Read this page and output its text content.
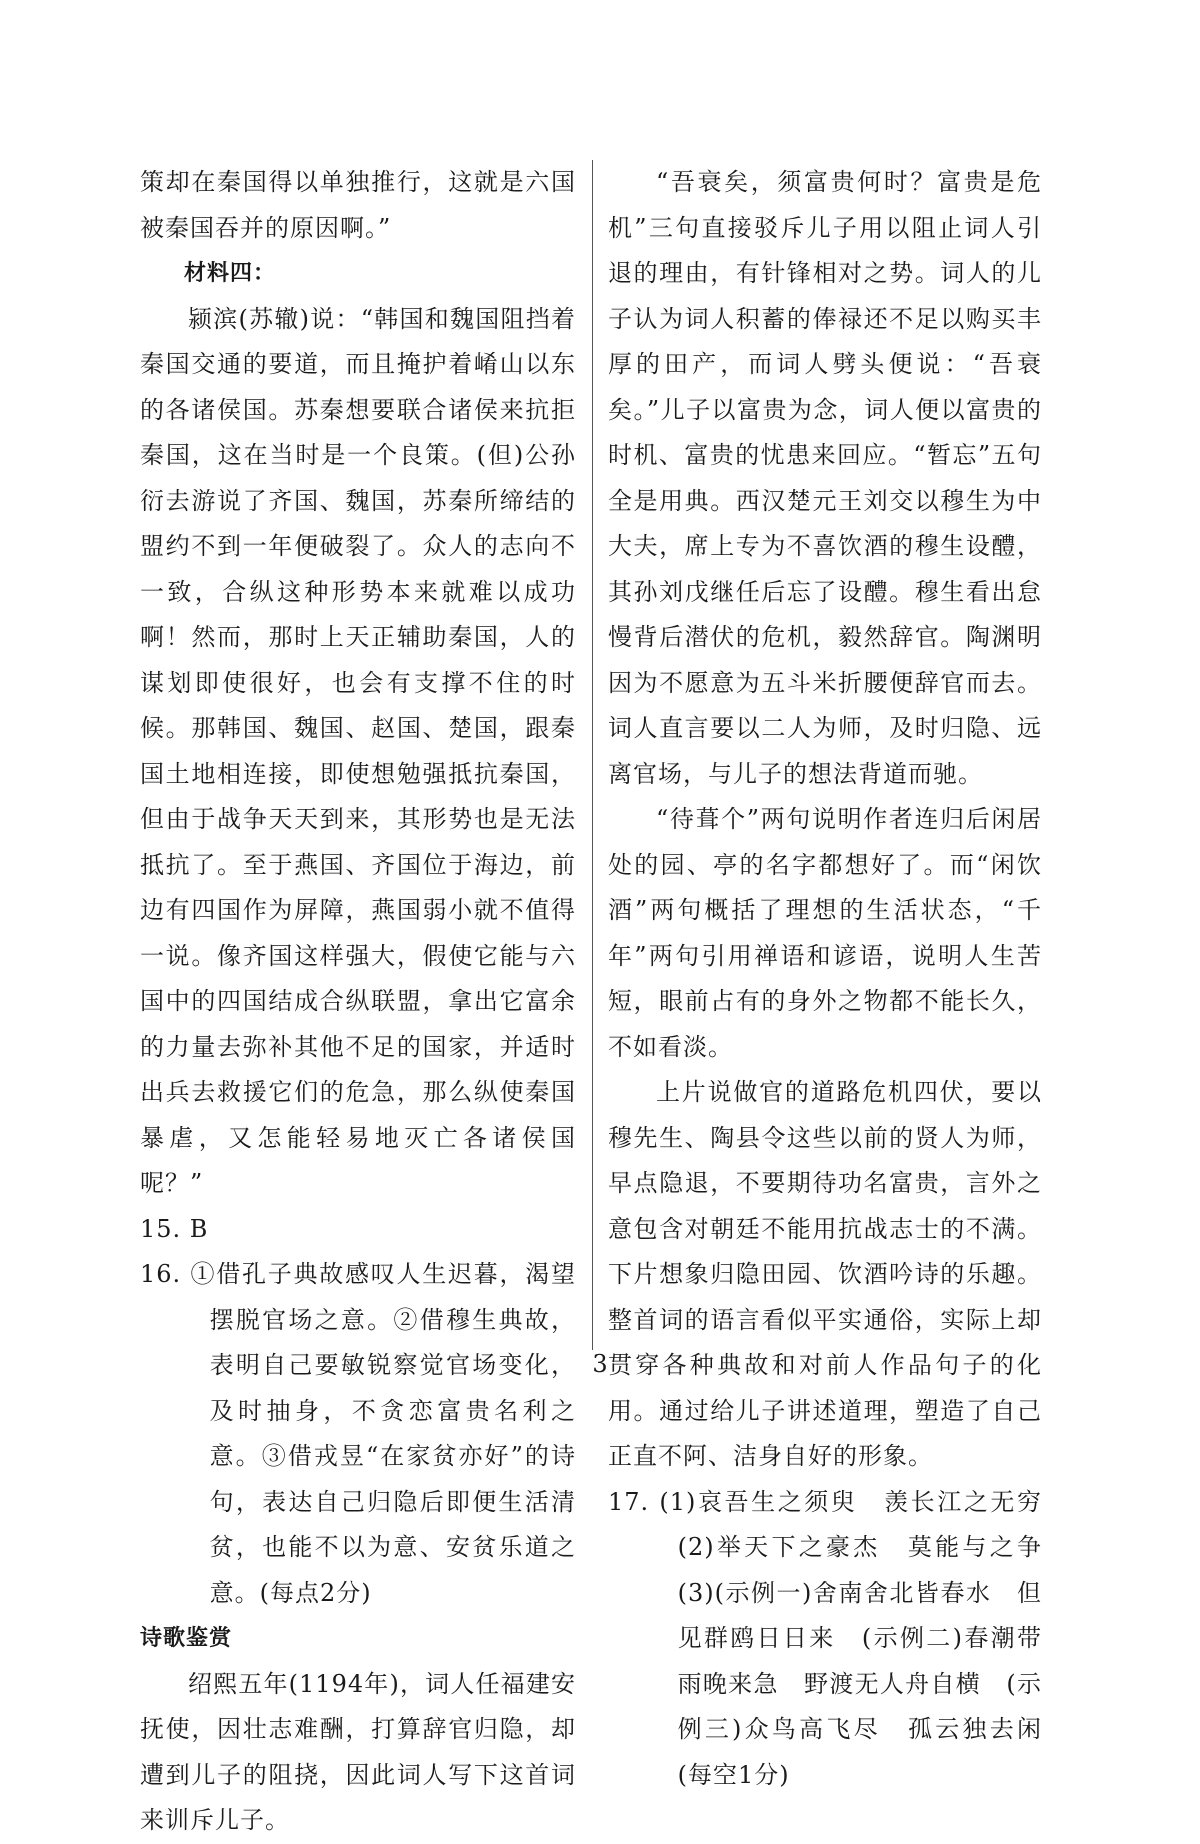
策却在秦国得以单独推行，这就是六国被秦国吞并的原因啊。”

材料四：

颍滨(苏辙)说：“韩国和魏国阻挡着秦国交通的要道，而且掩护着崤山以东的各诸侯国。苏秦想要联合诸侯来抗拒秦国，这在当时是一个良策。(但)公孙衍去游说了齐国、魏国，苏秦所缔结的盟约不到一年便破裂了。众人的志向不一致，合纵这种形势本来就难以成功啊！然而，那时上天正辅助秦国，人的谋划即使很好，也会有支撑不住的时候。那韩国、魏国、赵国、楚国，跟秦国土地相连接，即使想勉强抵抗秦国，但由于战争天天到来，其形势也是无法抵抗了。至于燕国、齐国位于海边，前边有四国作为屏障，燕国弱小就不值得一说。像齐国这样强大，假使它能与六国中的四国结成合纵联盟，拿出它富余的力量去弥补其他不足的国家，并适时出兵去救援它们的危急，那么纵使秦国暴虐，又怎能轻易地灭亡各诸侯国呢？”

15. B

16. ①借孔子典故感叹人生迟暮，渴望摆脱官场之意。②借穆生典故，表明自己要敏锐察觉官场变化，及时抽身，不贪恋富贵名利之意。③借戎昱“在家贫亦好”的诗句，表达自己归隐后即便生活清贫，也能不以为意、安贫乐道之意。(每点2分)

诗歌鉴赏

绍熙五年(1194年)，词人任福建安抚使，因壮志难酬，打算辞官归隐，却遭到儿子的阻挠，因此词人写下这首词来训斥儿子。

“吾衰矣，须富贵何时？富贵是危机”三句直接驳斥儿子用以阻止词人引退的理由，有针锋相对之势。词人的儿子认为词人积蓄的俸禄还不足以购买丰厚的田产，而词人劈头便说：“吾衰矣。”儿子以富贵为念，词人便以富贵的时机、富贵的忧患来回应。“暂忘”五句全是用典。西汉楚元王刘交以穆生为中大夫，席上专为不喜饮酒的穆生设醴，其孙刘戊继任后忘了设醴。穆生看出怠慢背后潜伏的危机，毅然辞官。陶渊明因为不愿意为五斗米折腰便辞官而去。词人直言要以二人为师，及时归隐、远离官场，与儿子的想法背道而驰。

“待葺个”两句说明作者连归后闲居处的园、亭的名字都想好了。而“闲饮酒”两句概括了理想的生活状态，“千年”两句引用禅语和谚语，说明人生苦短，眼前占有的身外之物都不能长久，不如看淡。

上片说做官的道路危机四伏，要以穆先生、陶县令这些以前的贤人为师，早点隐退，不要期待功名富贵，言外之意包含对朝廷不能用抗战志士的不满。下片想象归隐田园、饮酒吟诗的乐趣。整首词的语言看似平实通俗，实际上却贯穿各种典故和对前人作品句子的化用。通过给儿子讲述道理，塑造了自己正直不阿、洁身自好的形象。

17. (1)哀吾生之须臾　羡长江之无穷　(2)举天下之豪杰　莫能与之争　(3)(示例一)舍南舍北皆春水　但见群鸥日日来　(示例二)春潮带雨晚来急　野渡无人舟自横　(示例三)众鸟高飞尽　孤云独去闲　(每空1分)

3
